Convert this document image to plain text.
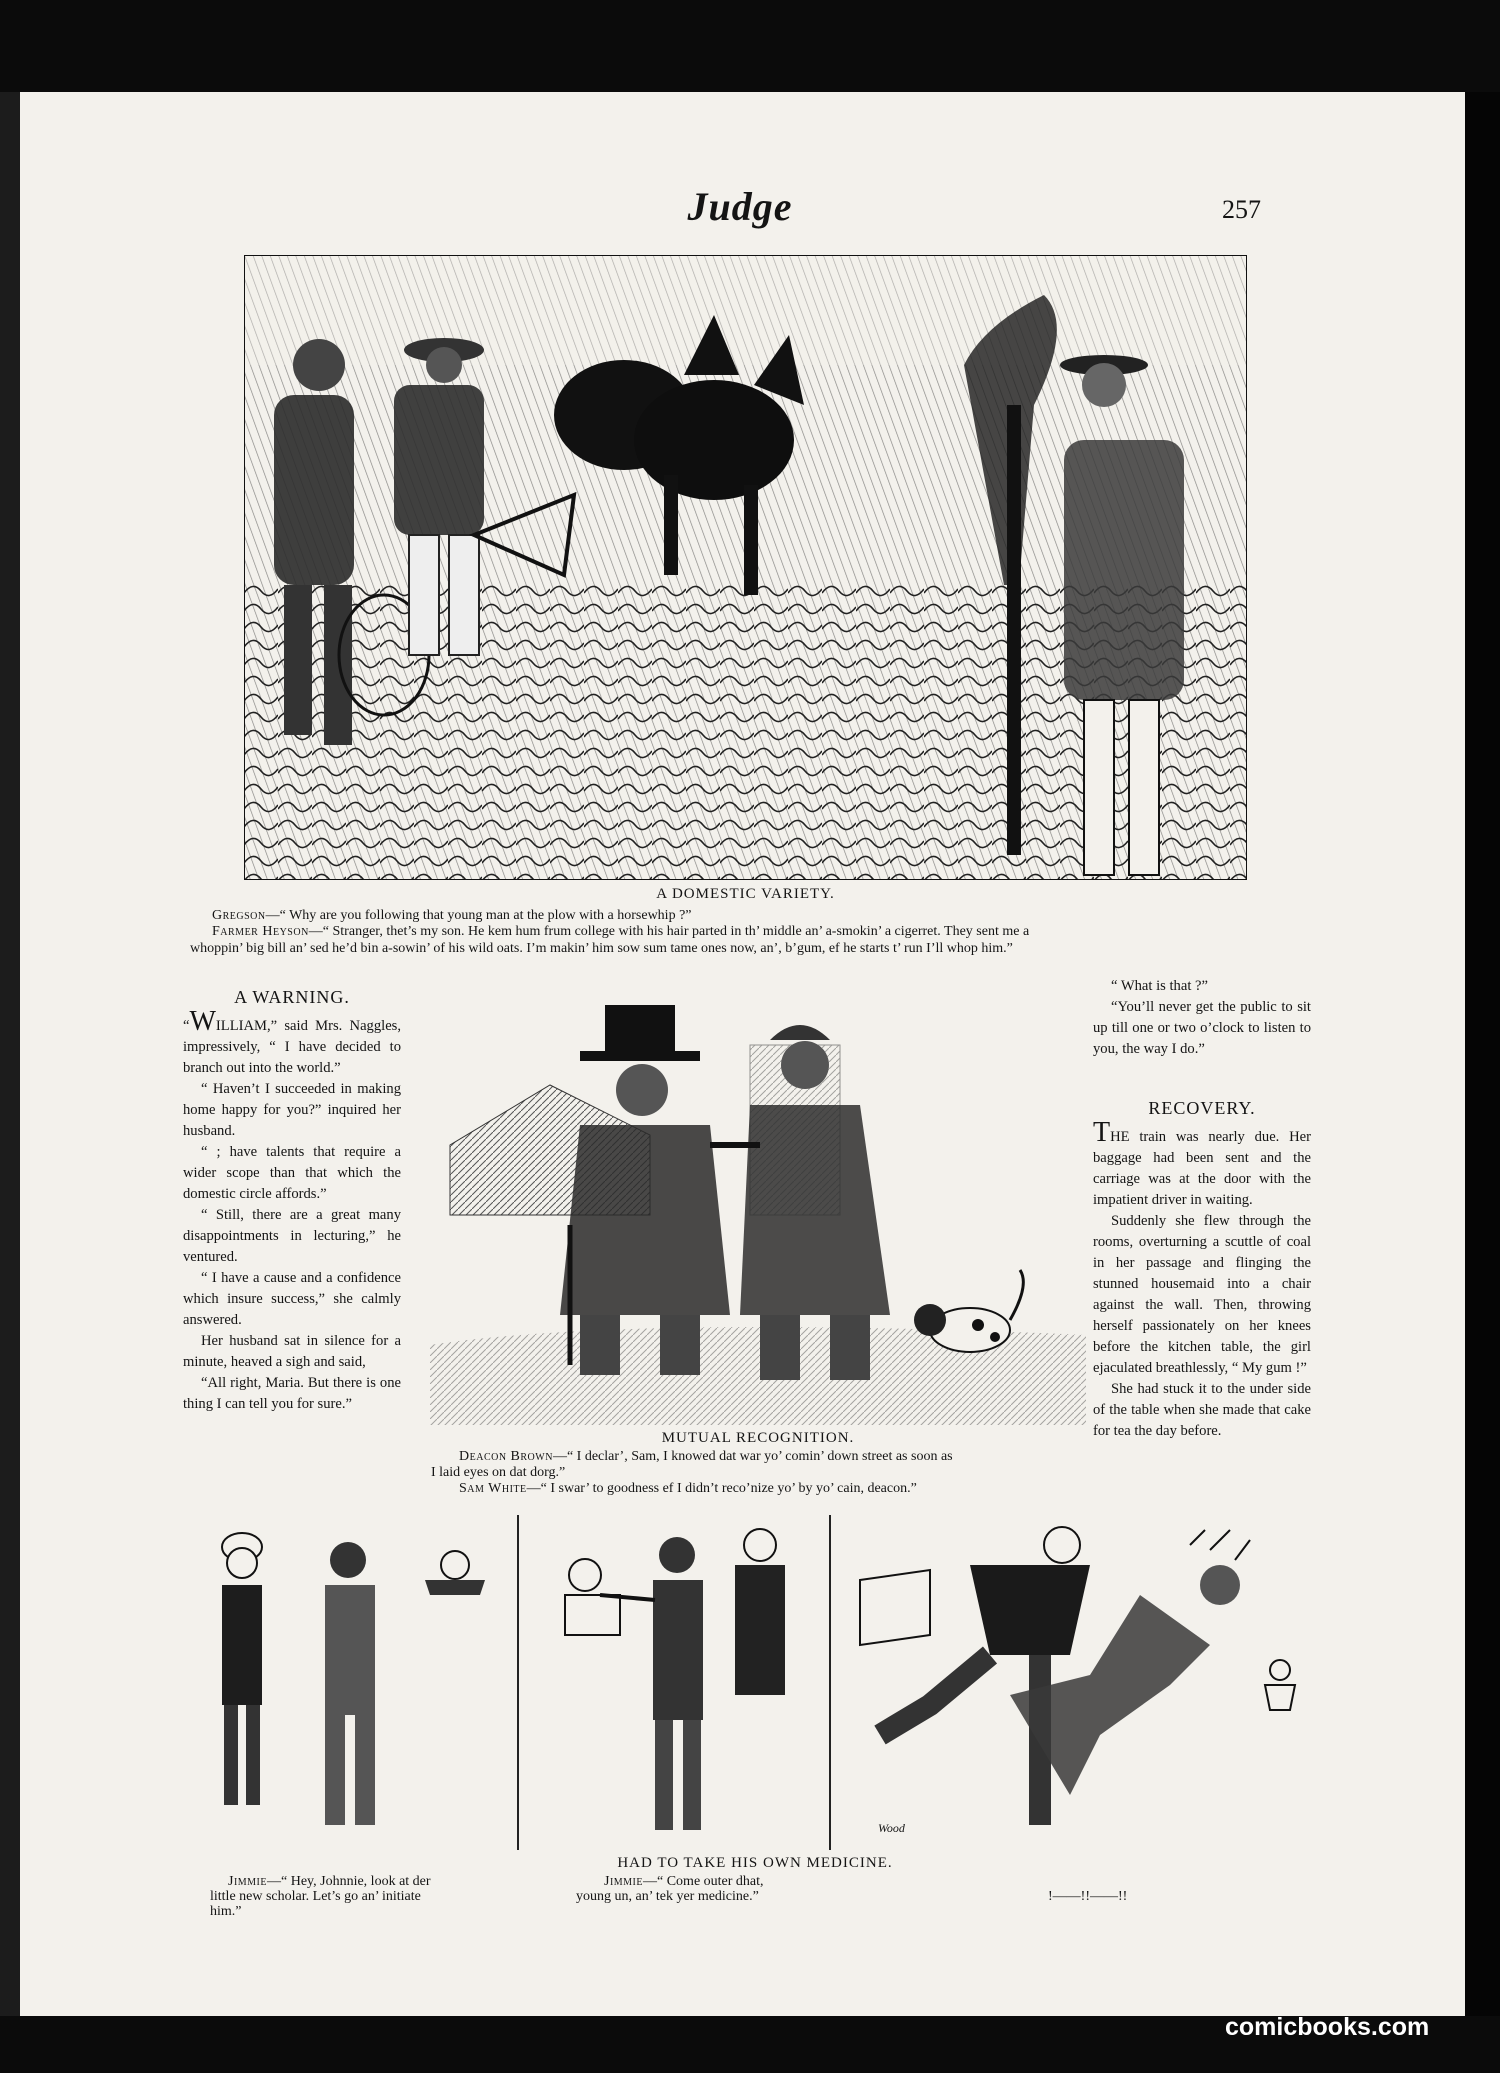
Judge	257
A DOMESTIC VARIETY.
Gregson—“ Why are you following that young man at the plow with a horsewhip ?”
Farmer Heyson—“ Stranger, thet’s my son. He kem hum frum college with his hair parted in th’ middle an’ a-smokin’ a cigerret. They sent me a
whoppin’ big bill an’ sed he’d bin a-sowin’ of his wild oats. I’m makin’ him sow sum tame ones now, an’, b’gum, ef he starts t’ run I’ll whop him.”
A WARNING.

“WILLIAM,” said Mrs. Naggles, impressively, “ I have decided to branch out into the world.”

“ Haven’t I succeeded in making home happy for you?” inquired her husband.

“ ; have talents that require a wider scope than that which the domestic circle affords.”

“ Still, there are a great many disappointments in lecturing,” he ventured.

“ I have a cause and a confidence which insure success,” she calmly answered.

Her husband sat in silence for a minute, heaved a sigh and said,

“All right, Maria. But there is one thing I can tell you for sure.”

MUTUAL RECOGNITION.
Deacon Brown—“ I declar’, Sam, I knowed dat war yo’ comin’ down street as soon as
I laid eyes on dat dorg.”
Sam White—“ I swar’ to goodness ef I didn’t reco’nize yo’ by yo’ cain, deacon.”

“ What is that ?”

“You’ll never get the public to sit up till one or two o’clock to listen to you, the way I do.”

RECOVERY.

THE train was nearly due. Her baggage had been sent and the carriage was at the door with the impatient driver in waiting.

Suddenly she flew through the rooms, overturning a scuttle of coal in her passage and flinging the stunned housemaid into a chair against the wall. Then, throwing herself passionately on her knees before the kitchen table, the girl ejaculated breathlessly, “ My gum !”

She had stuck it to the under side of the table when she made that cake for tea the day before.

Wood
HAD TO TAKE HIS OWN MEDICINE.
Jimmie—“ Hey, Johnnie, look at der
little new scholar. Let’s go an’ initiate
him.”
Jimmie—“ Come outer dhat,
young un, an’ tek yer medicine.”	!——!!——!!
comicbooks.com
